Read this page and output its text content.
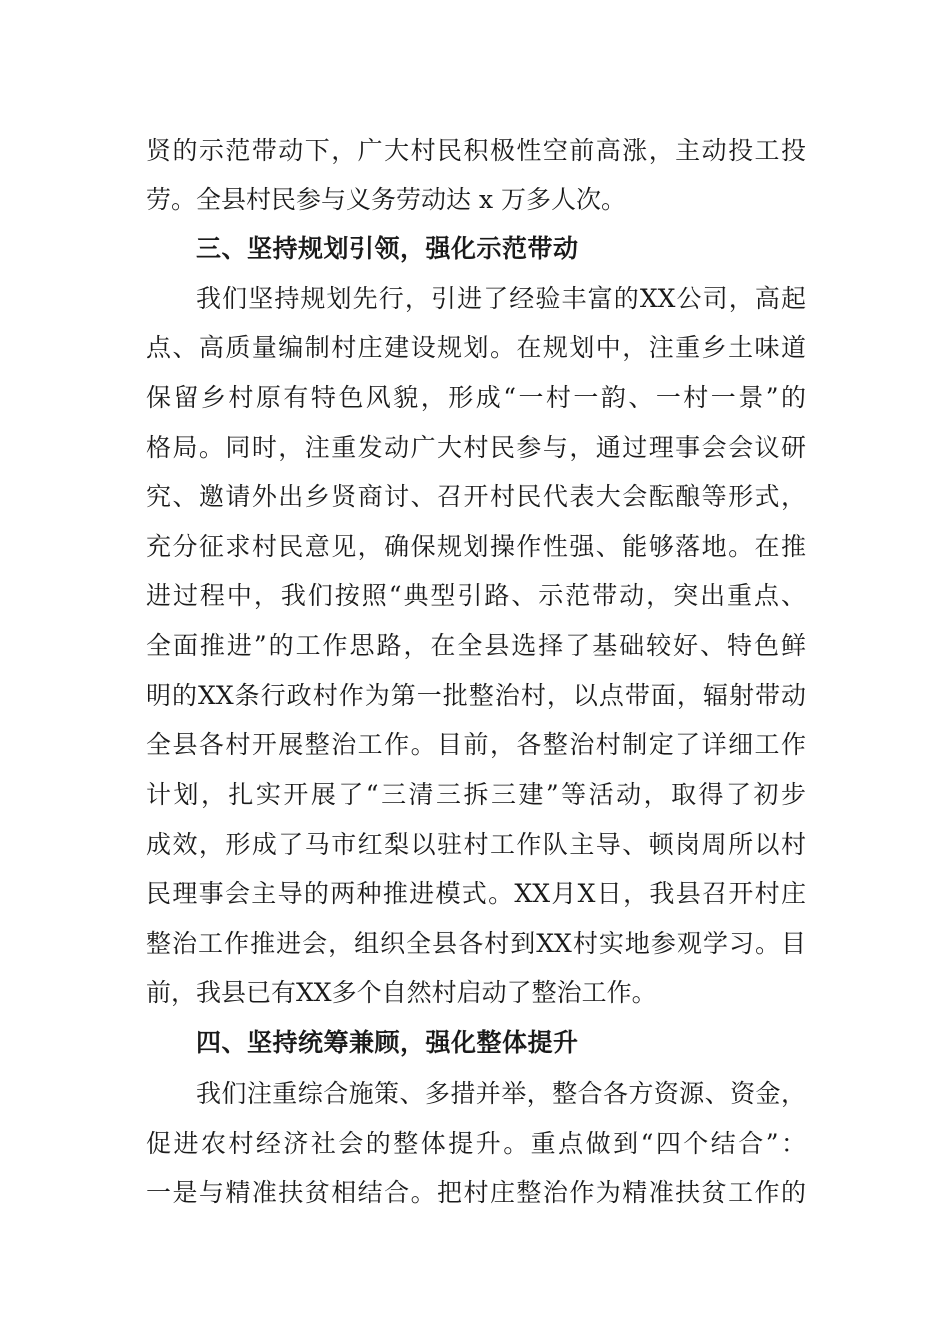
贤的示范带动下，广大村民积极性空前高涨，主动投工投
劳。全县村民参与义务劳动达 x 万多人次。
三、坚持规划引领，强化示范带动
我们坚持规划先行，引进了经验丰富的XX公司，高起
点、高质量编制村庄建设规划。在规划中，注重乡土味道
保留乡村原有特色风貌，形成“一村一韵、一村一景”的
格局。同时，注重发动广大村民参与，通过理事会会议研
究、邀请外出乡贤商讨、召开村民代表大会酝酿等形式，
充分征求村民意见，确保规划操作性强、能够落地。在推
进过程中，我们按照“典型引路、示范带动，突出重点、
全面推进”的工作思路，在全县选择了基础较好、特色鲜
明的XX条行政村作为第一批整治村，以点带面，辐射带动
全县各村开展整治工作。目前，各整治村制定了详细工作
计划，扎实开展了“三清三拆三建”等活动，取得了初步
成效，形成了马市红梨以驻村工作队主导、顿岗周所以村
民理事会主导的两种推进模式。XX月X日，我县召开村庄
整治工作推进会，组织全县各村到XX村实地参观学习。目
前，我县已有XX多个自然村启动了整治工作。
四、坚持统筹兼顾，强化整体提升
我们注重综合施策、多措并举，整合各方资源、资金，
促进农村经济社会的整体提升。重点做到“四个结合”：
一是与精准扶贫相结合。把村庄整治作为精准扶贫工作的
